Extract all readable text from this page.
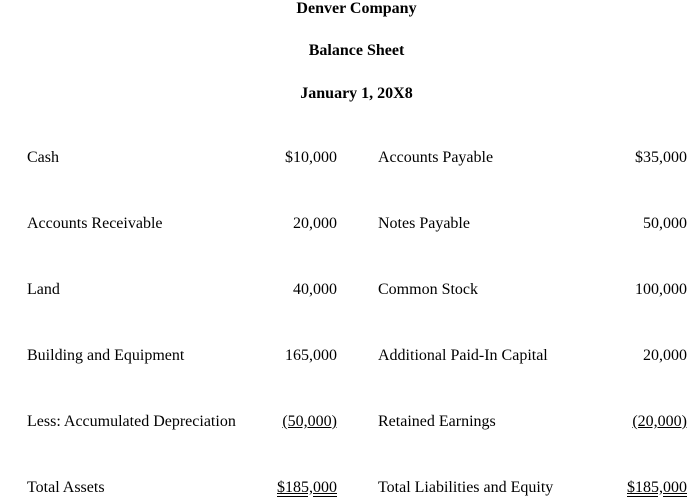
Denver Company
Balance Sheet
January 1, 20X8
Cash	$10,000	Accounts Payable	$35,000
Accounts Receivable	20,000	Notes Payable	50,000
Land	40,000	Common Stock	100,000
Building and Equipment	165,000	Additional Paid-In Capital	20,000
Less: Accumulated Depreciation	(50,000)	Retained Earnings	(20,000)
Total Assets	$185,000	Total Liabilities and Equity	$185,000
